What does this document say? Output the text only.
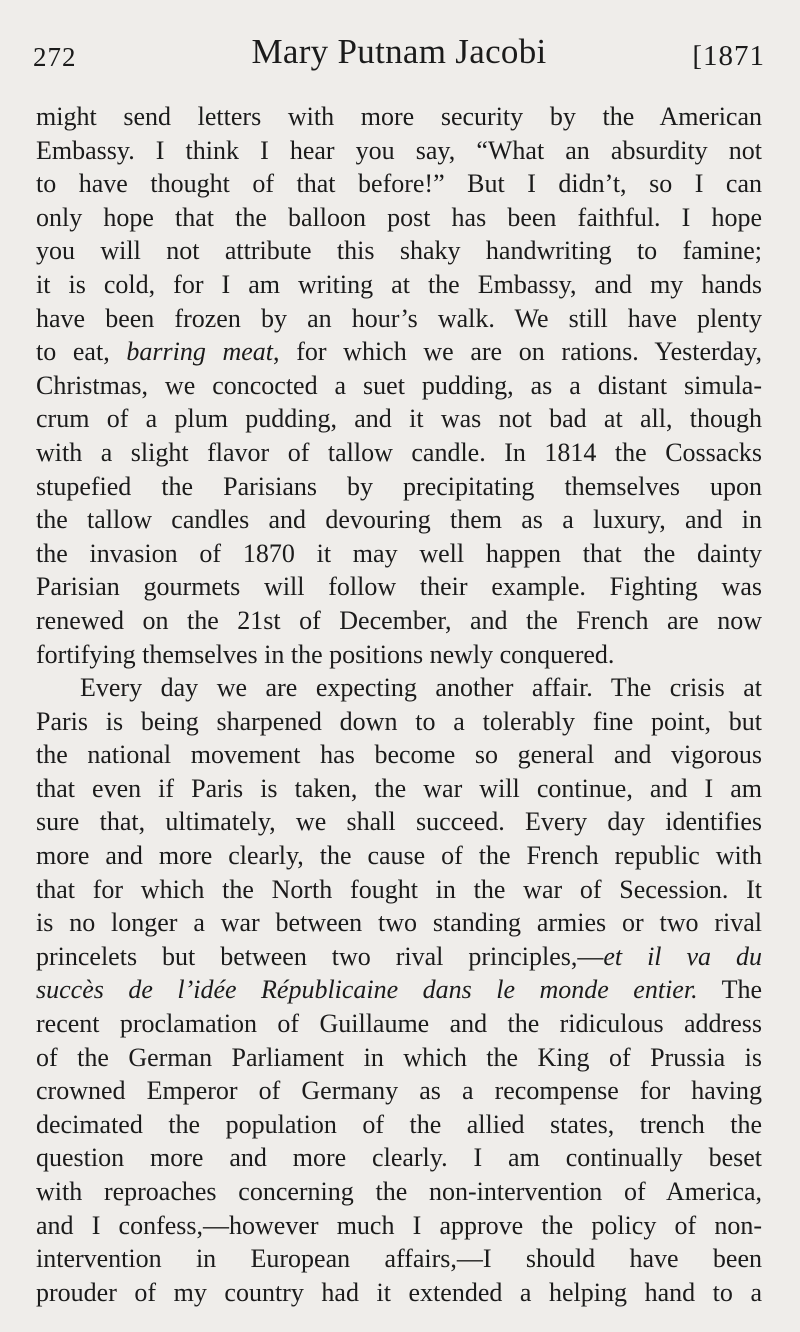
272	Mary Putnam Jacobi	[1871
might send letters with more security by the American
Embassy. I think I hear you say, “What an absurdity not
to have thought of that before!” But I didn’t, so I can
only hope that the balloon post has been faithful. I hope
you will not attribute this shaky handwriting to famine;
it is cold, for I am writing at the Embassy, and my hands
have been frozen by an hour’s walk. We still have plenty
to eat, barring meat, for which we are on rations. Yesterday,
Christmas, we concocted a suet pudding, as a distant simula-
crum of a plum pudding, and it was not bad at all, though
with a slight flavor of tallow candle. In 1814 the Cossacks
stupefied the Parisians by precipitating themselves upon
the tallow candles and devouring them as a luxury, and in
the invasion of 1870 it may well happen that the dainty
Parisian gourmets will follow their example. Fighting was
renewed on the 21st of December, and the French are now
fortifying themselves in the positions newly conquered.
Every day we are expecting another affair. The crisis at
Paris is being sharpened down to a tolerably fine point, but
the national movement has become so general and vigorous
that even if Paris is taken, the war will continue, and I am
sure that, ultimately, we shall succeed. Every day identifies
more and more clearly, the cause of the French republic with
that for which the North fought in the war of Secession. It
is no longer a war between two standing armies or two rival
princelets but between two rival principles,—et il va du
succès de l’idée Républicaine dans le monde entier. The
recent proclamation of Guillaume and the ridiculous address
of the German Parliament in which the King of Prussia is
crowned Emperor of Germany as a recompense for having
decimated the population of the allied states, trench the
question more and more clearly. I am continually beset
with reproaches concerning the non-intervention of America,
and I confess,—however much I approve the policy of non-
intervention in European affairs,—I should have been
prouder of my country had it extended a helping hand to a
